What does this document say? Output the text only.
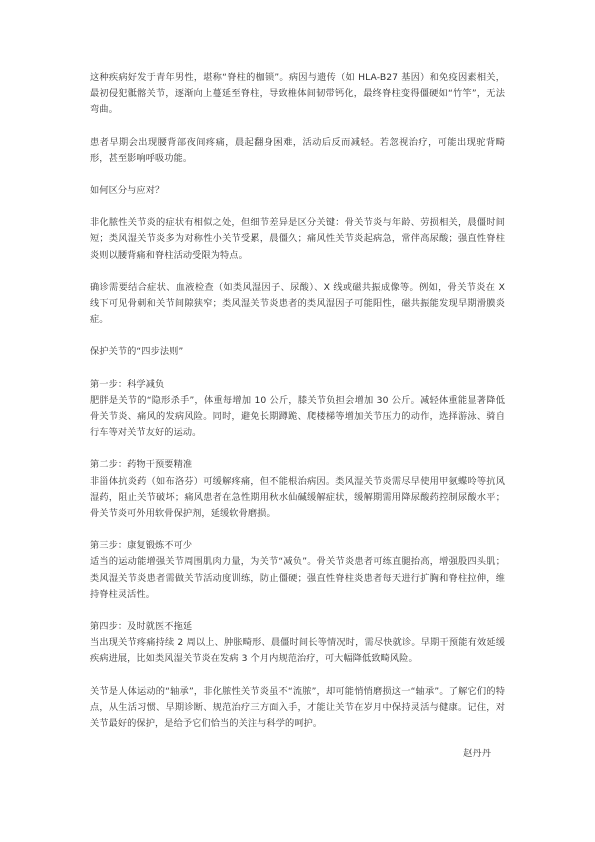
这种疾病好发于青年男性，堪称“脊柱的枷锁”。病因与遗传（如 HLA-B27 基因）和免疫因素相关，最初侵犯骶髂关节，逐渐向上蔓延至脊柱，导致椎体间韧带钙化，最终脊柱变得僵硬如“竹竿”，无法弯曲。

患者早期会出现腰背部夜间疼痛，晨起翻身困难，活动后反而减轻。若忽视治疗，可能出现驼背畸形，甚至影响呼吸功能。

如何区分与应对？

非化脓性关节炎的症状有相似之处，但细节差异是区分关键：骨关节炎与年龄、劳损相关，晨僵时间短；类风湿关节炎多为对称性小关节受累，晨僵久；痛风性关节炎起病急，常伴高尿酸；强直性脊柱炎则以腰背痛和脊柱活动受限为特点。

确诊需要结合症状、血液检查（如类风湿因子、尿酸）、X 线或磁共振成像等。例如，骨关节炎在 X 线下可见骨刺和关节间隙狭窄；类风湿关节炎患者的类风湿因子可能阳性，磁共振能发现早期滑膜炎症。

保护关节的“四步法则”

第一步：科学减负

肥胖是关节的“隐形杀手”，体重每增加 10 公斤，膝关节负担会增加 30 公斤。减轻体重能显著降低骨关节炎、痛风的发病风险。同时，避免长期蹲跪、爬楼梯等增加关节压力的动作，选择游泳、骑自行车等对关节友好的运动。

第二步：药物干预要精准

非甾体抗炎药（如布洛芬）可缓解疼痛，但不能根治病因。类风湿关节炎需尽早使用甲氨蝶呤等抗风湿药，阻止关节破坏；痛风患者在急性期用秋水仙碱缓解症状，缓解期需用降尿酸药控制尿酸水平；骨关节炎可外用软骨保护剂，延缓软骨磨损。

第三步：康复锻炼不可少

适当的运动能增强关节周围肌肉力量，为关节“减负”。骨关节炎患者可练直腿抬高，增强股四头肌；类风湿关节炎患者需做关节活动度训练，防止僵硬；强直性脊柱炎患者每天进行扩胸和脊柱拉伸，维持脊柱灵活性。

第四步：及时就医不拖延

当出现关节疼痛持续 2 周以上、肿胀畸形、晨僵时间长等情况时，需尽快就诊。早期干预能有效延缓疾病进展，比如类风湿关节炎在发病 3 个月内规范治疗，可大幅降低致畸风险。

关节是人体运动的“轴承”，非化脓性关节炎虽不“流脓”，却可能悄悄磨损这一“轴承”。了解它们的特点，从生活习惯、早期诊断、规范治疗三方面入手，才能让关节在岁月中保持灵活与健康。记住，对关节最好的保护，是给予它们恰当的关注与科学的呵护。

赵丹丹
